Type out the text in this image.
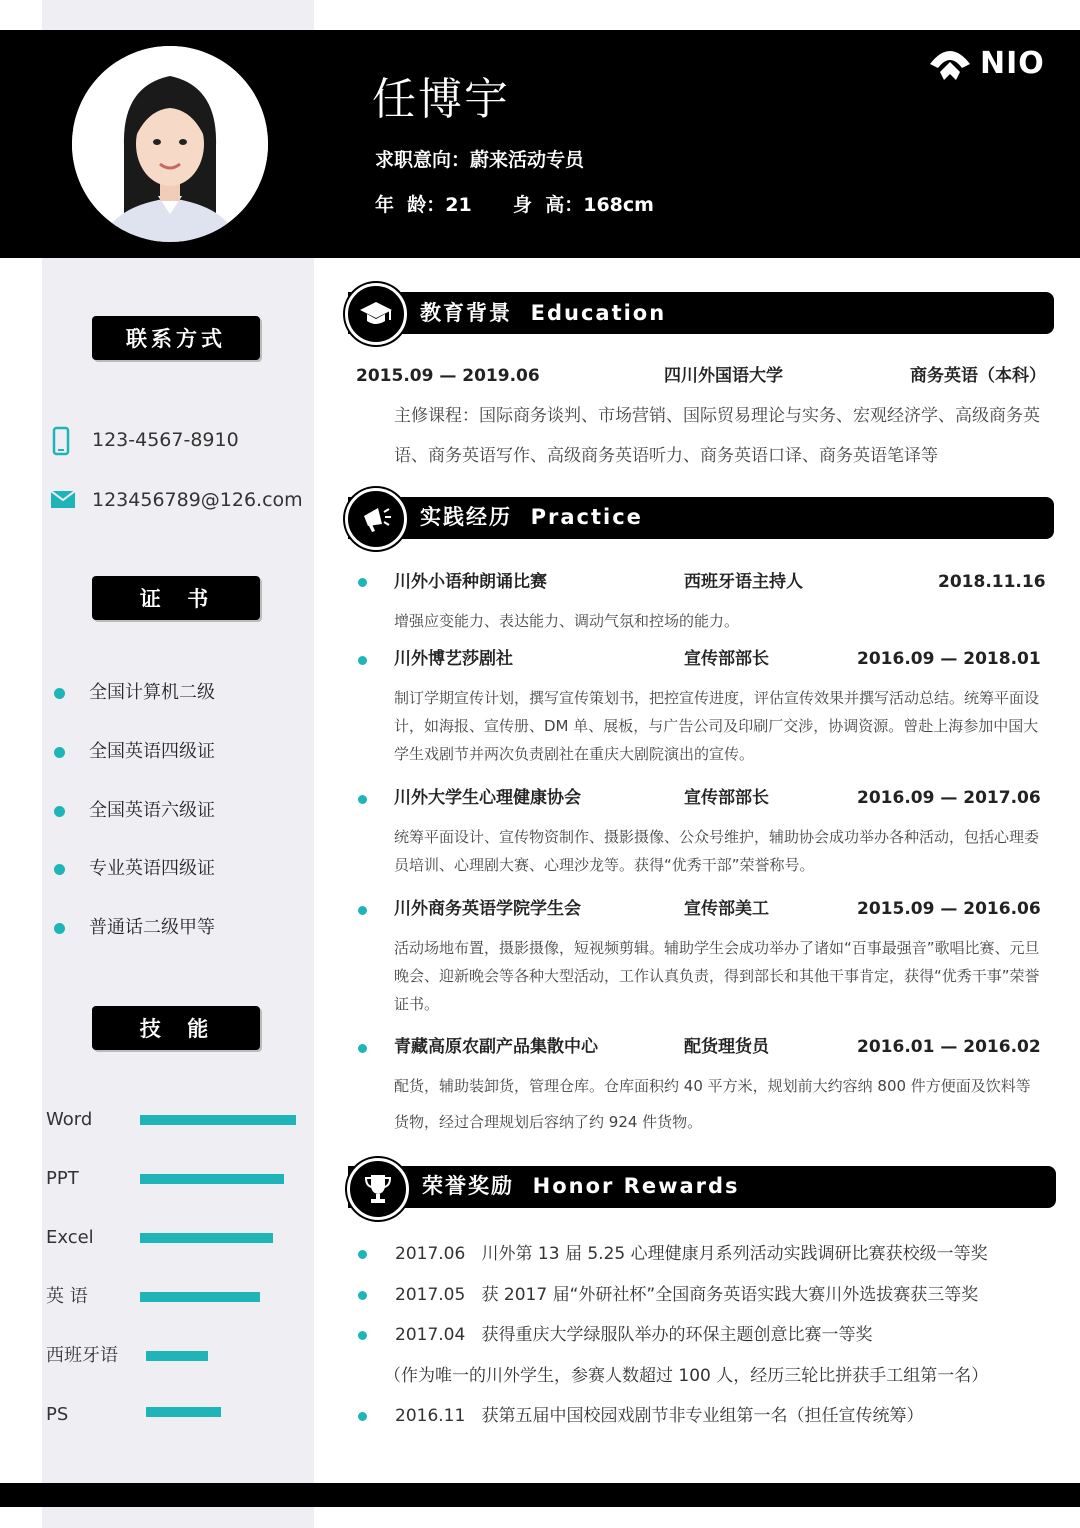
任博宇
求职意向：蔚来活动专员
年  龄：21 身  高：168cm
NIO
联系方式
123-4567-8910
123456789@126.com
证  书
全国计算机二级
全国英语四级证
全国英语六级证
专业英语四级证
普通话二级甲等
技  能
Word
PPT
Excel
英 语
西班牙语
PS
教育背景  Education
2015.09 — 2019.06	四川外国语大学	商务英语（本科）
主修课程：国际商务谈判、市场营销、国际贸易理论与实务、宏观经济学、高级商务英语、商务英语写作、高级商务英语听力、商务英语口译、商务英语笔译等
实践经历  Practice
川外小语种朗诵比赛	西班牙语主持人	2018.11.16
增强应变能力、表达能力、调动气氛和控场的能力。
川外博艺莎剧社	宣传部部长	2016.09 — 2018.01
制订学期宣传计划，撰写宣传策划书，把控宣传进度，评估宣传效果并撰写活动总结。统筹平面设计，如海报、宣传册、DM 单、展板，与广告公司及印刷厂交涉，协调资源。曾赴上海参加中国大学生戏剧节并两次负责剧社在重庆大剧院演出的宣传。
川外大学生心理健康协会	宣传部部长	2016.09 — 2017.06
统筹平面设计、宣传物资制作、摄影摄像、公众号维护，辅助协会成功举办各种活动，包括心理委员培训、心理剧大赛、心理沙龙等。获得“优秀干部”荣誉称号。
川外商务英语学院学生会	宣传部美工	2015.09 — 2016.06
活动场地布置，摄影摄像，短视频剪辑。辅助学生会成功举办了诸如“百事最强音”歌唱比赛、元旦晚会、迎新晚会等各种大型活动，工作认真负责，得到部长和其他干事肯定，获得“优秀干事”荣誉证书。
青藏高原农副产品集散中心	配货理货员	2016.01 — 2016.02
配货，辅助装卸货，管理仓库。仓库面积约 40 平方米，规划前大约容纳 800 件方便面及饮料等货物，经过合理规划后容纳了约 924 件货物。
荣誉奖励  Honor Rewards
2017.06   川外第 13 届 5.25 心理健康月系列活动实践调研比赛获校级一等奖
2017.05   获 2017 届“外研社杯”全国商务英语实践大赛川外选拔赛获三等奖
2017.04   获得重庆大学绿服队举办的环保主题创意比赛一等奖
（作为唯一的川外学生，参赛人数超过 100 人，经历三轮比拼获手工组第一名）
2016.11   获第五届中国校园戏剧节非专业组第一名（担任宣传统筹）
